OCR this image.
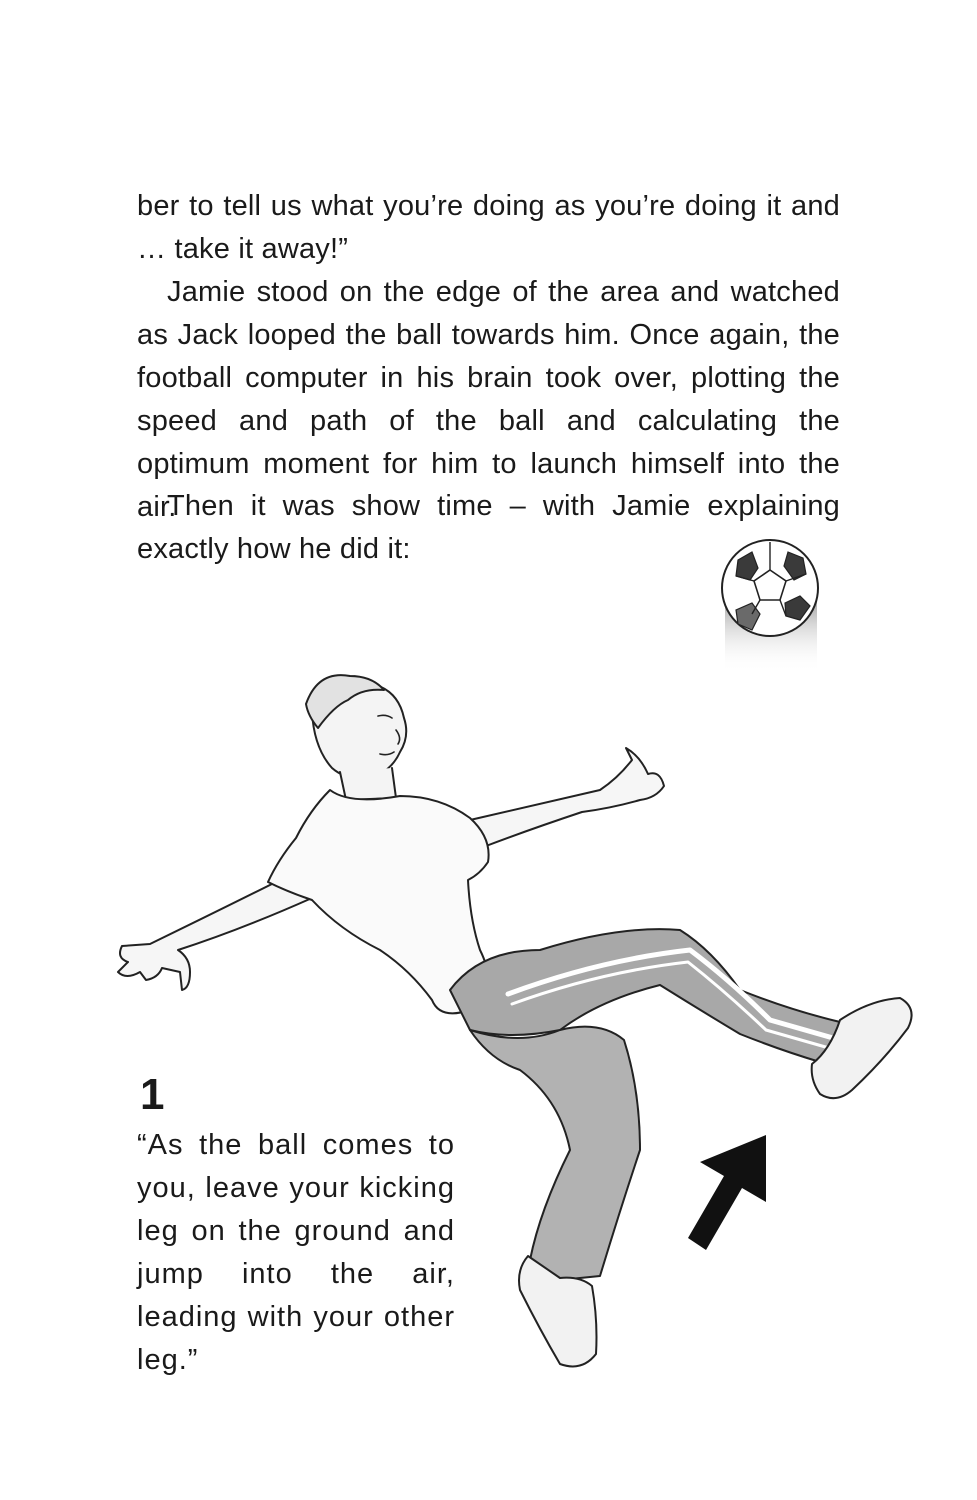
ber to tell us what you’re doing as you’re doing it and … take it away!”

Jamie stood on the edge of the area and watched as Jack looped the ball towards him. Once again, the football computer in his brain took over, plotting the speed and path of the ball and calculating the optimum moment for him to launch himself into the air.

Then it was show time – with Jamie explaining exactly how he did it:

1

“As the ball comes to you, leave your kicking leg on the ground and jump into the air, leading with your other leg.”
